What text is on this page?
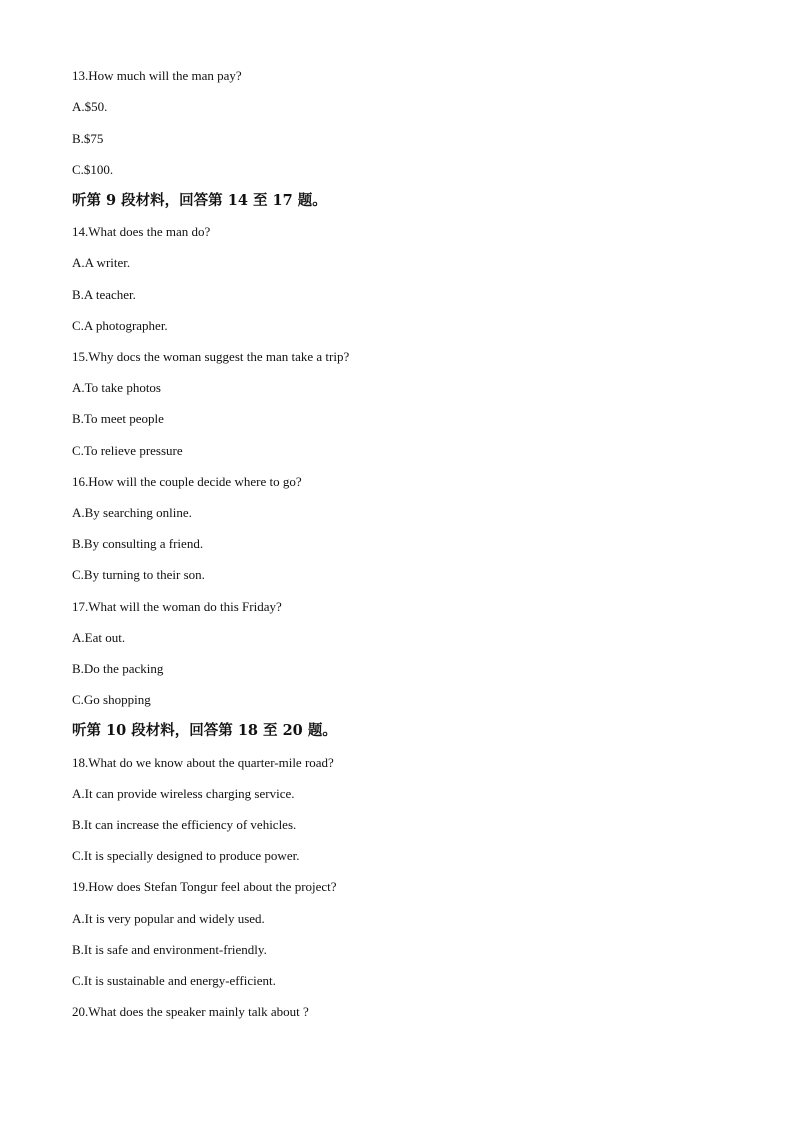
13.How much will the man pay?
A.$50.
B.$75
C.$100.
听第 9 段材料，回答第 14 至 17 题。
14.What does the man do?
A.A writer.
B.A teacher.
C.A photographer.
15.Why docs the woman suggest the man take a trip?
A.To take photos
B.To meet people
C.To relieve pressure
16.How will the couple decide where to go?
A.By searching online.
B.By consulting a friend.
C.By turning to their son.
17.What will the woman do this Friday?
A.Eat out.
B.Do the packing
C.Go shopping
听第 10 段材料，回答第 18 至 20 题。
18.What do we know about the quarter-mile road?
A.It can provide wireless charging service.
B.It can increase the efficiency of vehicles.
C.It is specially designed to produce power.
19.How does Stefan Tongur feel about the project?
A.It is very popular and widely used.
B.It is safe and environment-friendly.
C.It is sustainable and energy-efficient.
20.What does the speaker mainly talk about ?
